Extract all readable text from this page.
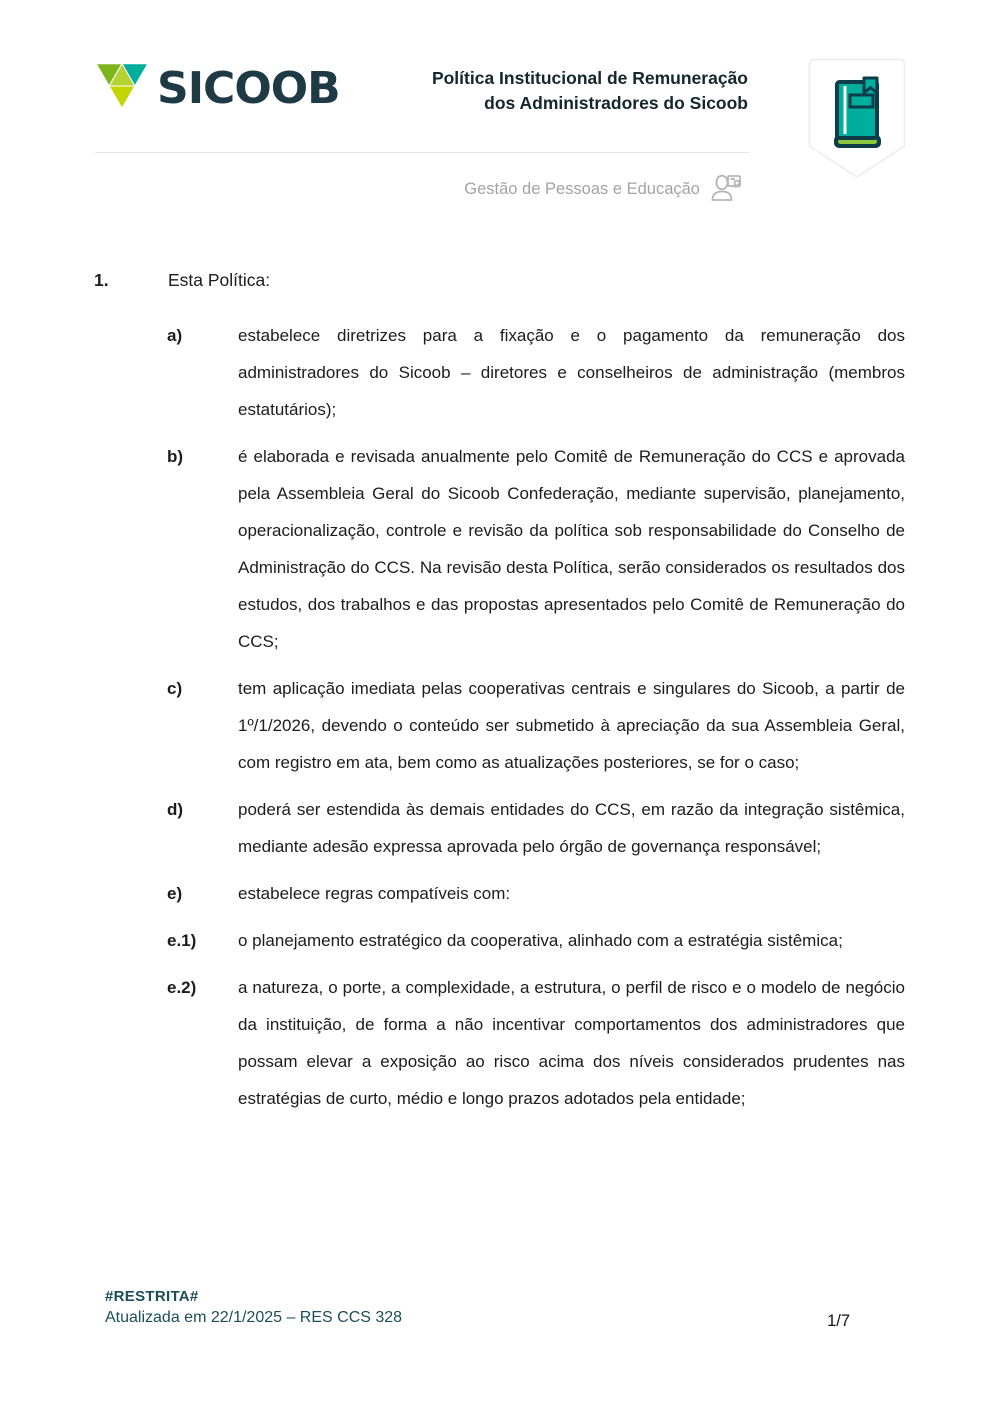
SICOOB	Política Institucional de Remuneração
dos Administradores do Sicoob
Gestão de Pessoas e Educação
1.	Esta Política:
a)	estabelece diretrizes para a fixação e o pagamento da remuneração dos administradores do Sicoob – diretores e conselheiros de administração (membros estatutários);
b)	é elaborada e revisada anualmente pelo Comitê de Remuneração do CCS e aprovada pela Assembleia Geral do Sicoob Confederação, mediante supervisão, planejamento, operacionalização, controle e revisão da política sob responsabilidade do Conselho de Administração do CCS. Na revisão desta Política, serão considerados os resultados dos estudos, dos trabalhos e das propostas apresentados pelo Comitê de Remuneração do CCS;
c)	tem aplicação imediata pelas cooperativas centrais e singulares do Sicoob, a partir de 1º/1/2026, devendo o conteúdo ser submetido à apreciação da sua Assembleia Geral, com registro em ata, bem como as atualizações posteriores, se for o caso;
d)	poderá ser estendida às demais entidades do CCS, em razão da integração sistêmica, mediante adesão expressa aprovada pelo órgão de governança responsável;
e)	estabelece regras compatíveis com:
e.1)	o planejamento estratégico da cooperativa, alinhado com a estratégia sistêmica;
e.2)	a natureza, o porte, a complexidade, a estrutura, o perfil de risco e o modelo de negócio da instituição, de forma a não incentivar comportamentos dos administradores que possam elevar a exposição ao risco acima dos níveis considerados prudentes nas estratégias de curto, médio e longo prazos adotados pela entidade;
#RESTRITA#
Atualizada em 22/1/2025 – RES CCS 328	1/7
